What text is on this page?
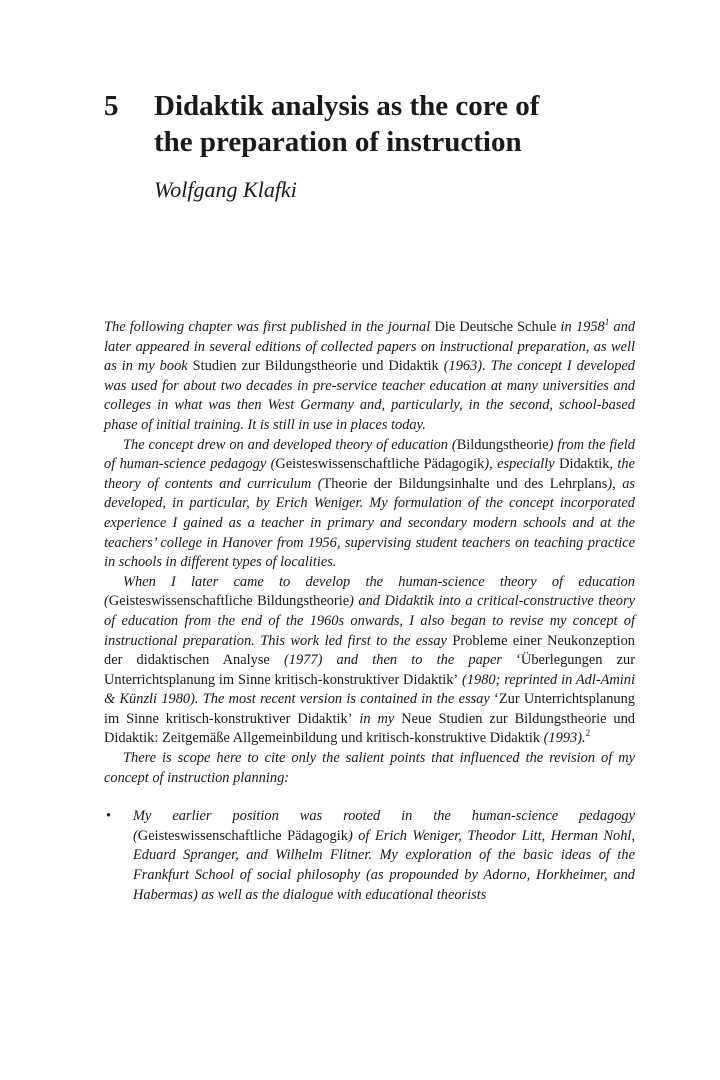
5 Didaktik analysis as the core of
the preparation of instruction
Wolfgang Klafki

The following chapter was first published in the journal Die Deutsche Schule in 1958$^1$ and later appeared in several editions of collected papers on instructional preparation, as well as in my book Studien zur Bildungstheorie und Didaktik (1963). The concept I developed was used for about two decades in pre-service teacher education at many universities and colleges in what was then West Germany and, particularly, in the second, school-based phase of initial training. It is still in use in places today.

The concept drew on and developed theory of education (Bildungstheorie) from the field of human-science pedagogy (Geisteswissenschaftliche Pädagogik), especially Didaktik, the theory of contents and curriculum (Theorie der Bildungsinhalte und des Lehrplans), as developed, in particular, by Erich Weniger. My formulation of the concept incorporated experience I gained as a teacher in primary and secondary modern schools and at the teachers’ college in Hanover from 1956, supervising student teachers on teaching practice in schools in different types of localities.

When I later came to develop the human-science theory of education (Geisteswissenschaftliche Bildungstheorie) and Didaktik into a critical-constructive theory of education from the end of the 1960s onwards, I also began to revise my concept of instructional preparation. This work led first to the essay Probleme einer Neukonzeption der didaktischen Analyse (1977) and then to the paper ‘Überlegungen zur Unterrichtsplanung im Sinne kritisch-konstruktiver Didaktik’ (1980; reprinted in Adl-Amini & Künzli 1980). The most recent version is contained in the essay ‘Zur Unterrichtsplanung im Sinne kritisch-konstruktiver Didaktik’ in my Neue Studien zur Bildungstheorie und Didaktik: Zeitgemäße Allgemeinbildung und kritisch-konstruktive Didaktik (1993).$^2$

There is scope here to cite only the salient points that influenced the revision of my concept of instruction planning:

• My earlier position was rooted in the human-science pedagogy (Geisteswissenschaftliche Pädagogik) of Erich Weniger, Theodor Litt, Herman Nohl, Eduard Spranger, and Wilhelm Flitner. My exploration of the basic ideas of the Frankfurt School of social philosophy (as propounded by Adorno, Horkheimer, and Habermas) as well as the dialogue with educational theorists
